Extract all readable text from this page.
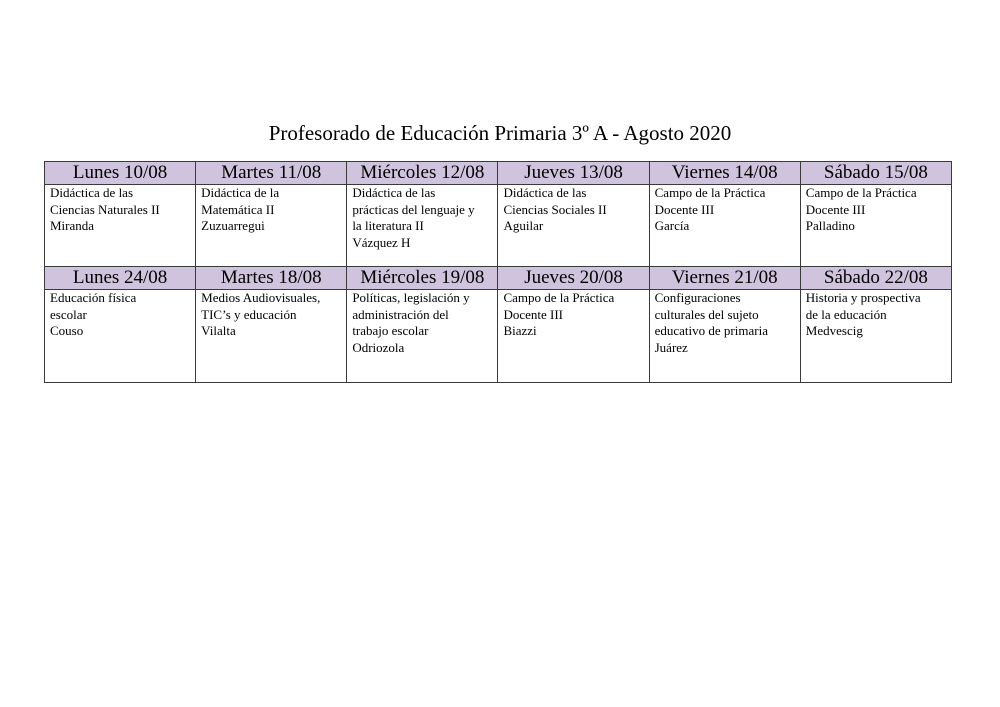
Profesorado de Educación Primaria 3º A - Agosto 2020
Lunes 10/08	Martes 11/08	Miércoles 12/08	Jueves 13/08	Viernes 14/08	Sábado 15/08

Didáctica de las
Ciencias Naturales II
Miranda	Didáctica de la
Matemática II
Zuzuarregui	Didáctica de las
prácticas del lenguaje y
la literatura II
Vázquez H	Didáctica de las
Ciencias Sociales II
Aguilar	Campo de la Práctica
Docente III
García	Campo de la Práctica
Docente III
Palladino
Lunes 24/08	Martes 18/08	Miércoles 19/08	Jueves 20/08	Viernes 21/08	Sábado 22/08

Educación física
escolar
Couso	Medios Audiovisuales,
TIC’s y educación
Vilalta	Políticas, legislación y
administración del
trabajo escolar
Odriozola	Campo de la Práctica
Docente III
Biazzi	Configuraciones
culturales del sujeto
educativo de primaria
Juárez	Historia y prospectiva
de la educación
Medvescig
